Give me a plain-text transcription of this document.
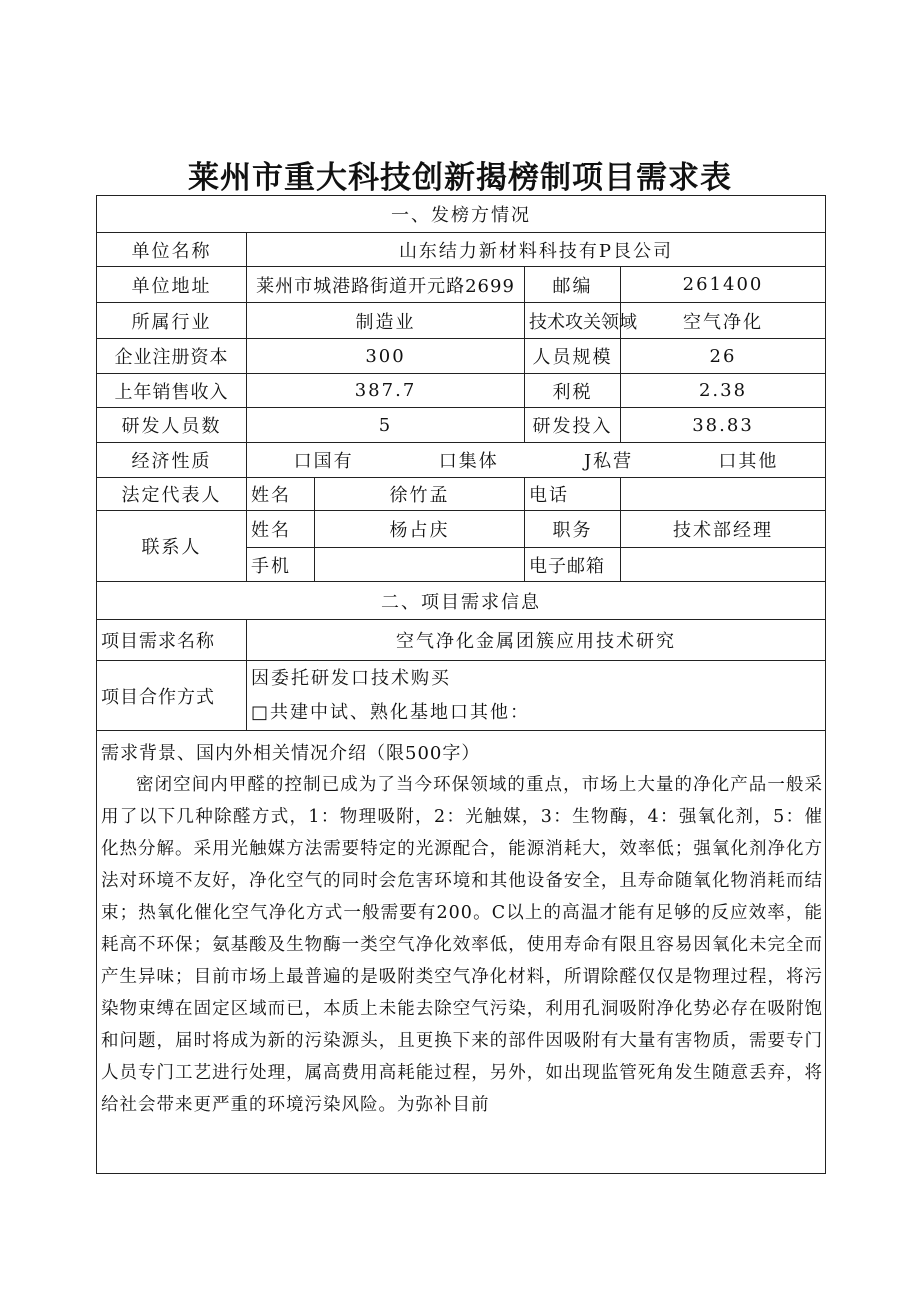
莱州市重大科技创新揭榜制项目需求表
一、发榜方情况				
单位名称	山东结力新材料科技有P艮公司			
单位地址	莱州市城港路街道开元路2699		邮编	261400
所属行业	制造业		技术攻关领域	空气净化
企业注册资本	300		人员规模	26
上年销售收入	387.7		利税	2.38
研发人员数	5		研发投入	38.83
经济性质	口国有 口集体 J私营 口其他			

法定代表人	姓名	徐竹孟	电话	
联系人	姓名	杨占庆	职务	技术部经理
	手机		电子邮箱	
二、项目需求信息				
项目需求名称	空气净化金属团簇应用技术研究			
项目合作方式	因委托研发口技术购买
□共建中试、熟化基地口其他：			

需求背景、国内外相关情况介绍（限500字）
密闭空间内甲醛的控制已成为了当今环保领域的重点，市场上大量的净化产品一般采用了以下几种除醛方式，1：物理吸附，2：光触媒，3：生物酶，4：强氧化剂，5：催化热分解。采用光触媒方法需要特定的光源配合，能源消耗大，效率低；强氧化剂净化方法对环境不友好，净化空气的同时会危害环境和其他设备安全，且寿命随氧化物消耗而结束；热氧化催化空气净化方式一般需要有200。C以上的高温才能有足够的反应效率，能耗高不环保；氨基酸及生物酶一类空气净化效率低，使用寿命有限且容易因氧化未完全而产生异味；目前市场上最普遍的是吸附类空气净化材料，所谓除醛仅仅是物理过程，将污染物束缚在固定区域而已，本质上未能去除空气污染，利用孔洞吸附净化势必存在吸附饱和问题，届时将成为新的污染源头，且更换下来的部件因吸附有大量有害物质，需要专门人员专门工艺进行处理，属高费用高耗能过程，另外，如出现监管死角发生随意丢弃，将给社会带来更严重的环境污染风险。为弥补目前				
